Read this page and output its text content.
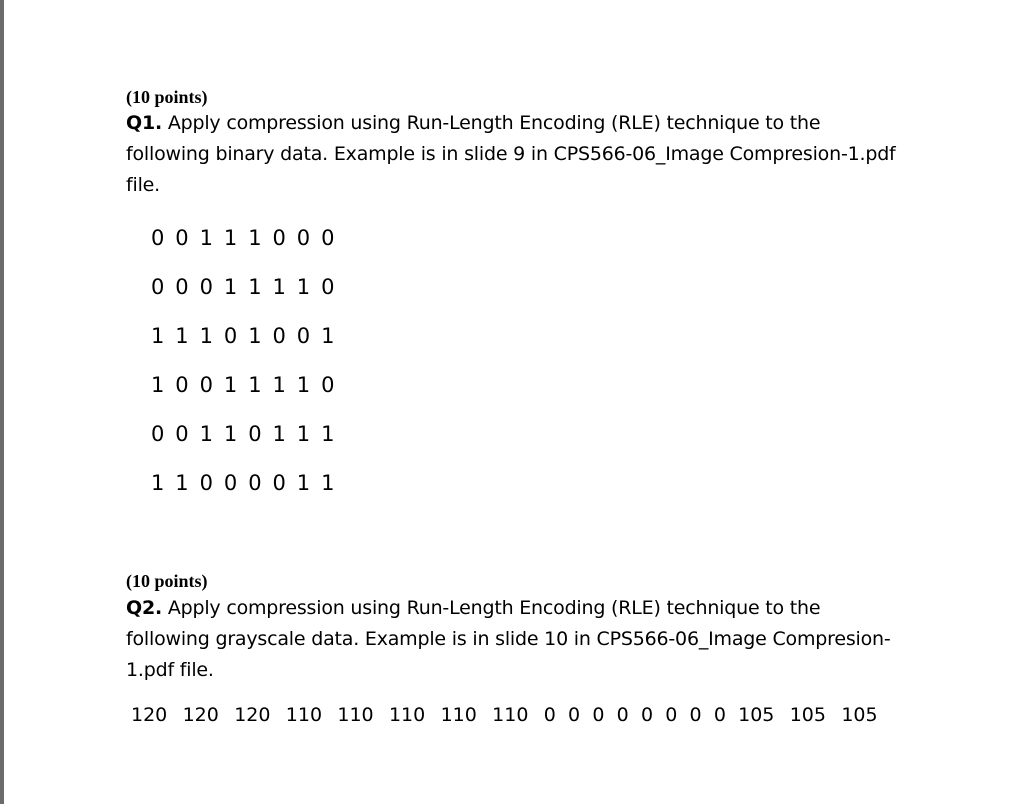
(10 points)
Q1. Apply compression using Run-Length Encoding (RLE) technique to the
following binary data. Example is in slide 9 in CPS566-06_Image Compresion-1.pdf
file.
0 0 1 1 1 0 0 0
0 0 0 1 1 1 1 0
1 1 1 0 1 0 0 1
1 0 0 1 1 1 1 0
0 0 1 1 0 1 1 1
1 1 0 0 0 0 1 1
(10 points)
Q2. Apply compression using Run-Length Encoding (RLE) technique to the
following grayscale data. Example is in slide 10 in CPS566-06_Image Compresion-
1.pdf file.
120 120 120 110 110 110 110 110 0 0 0 0 0 0 0 0 105 105 105
